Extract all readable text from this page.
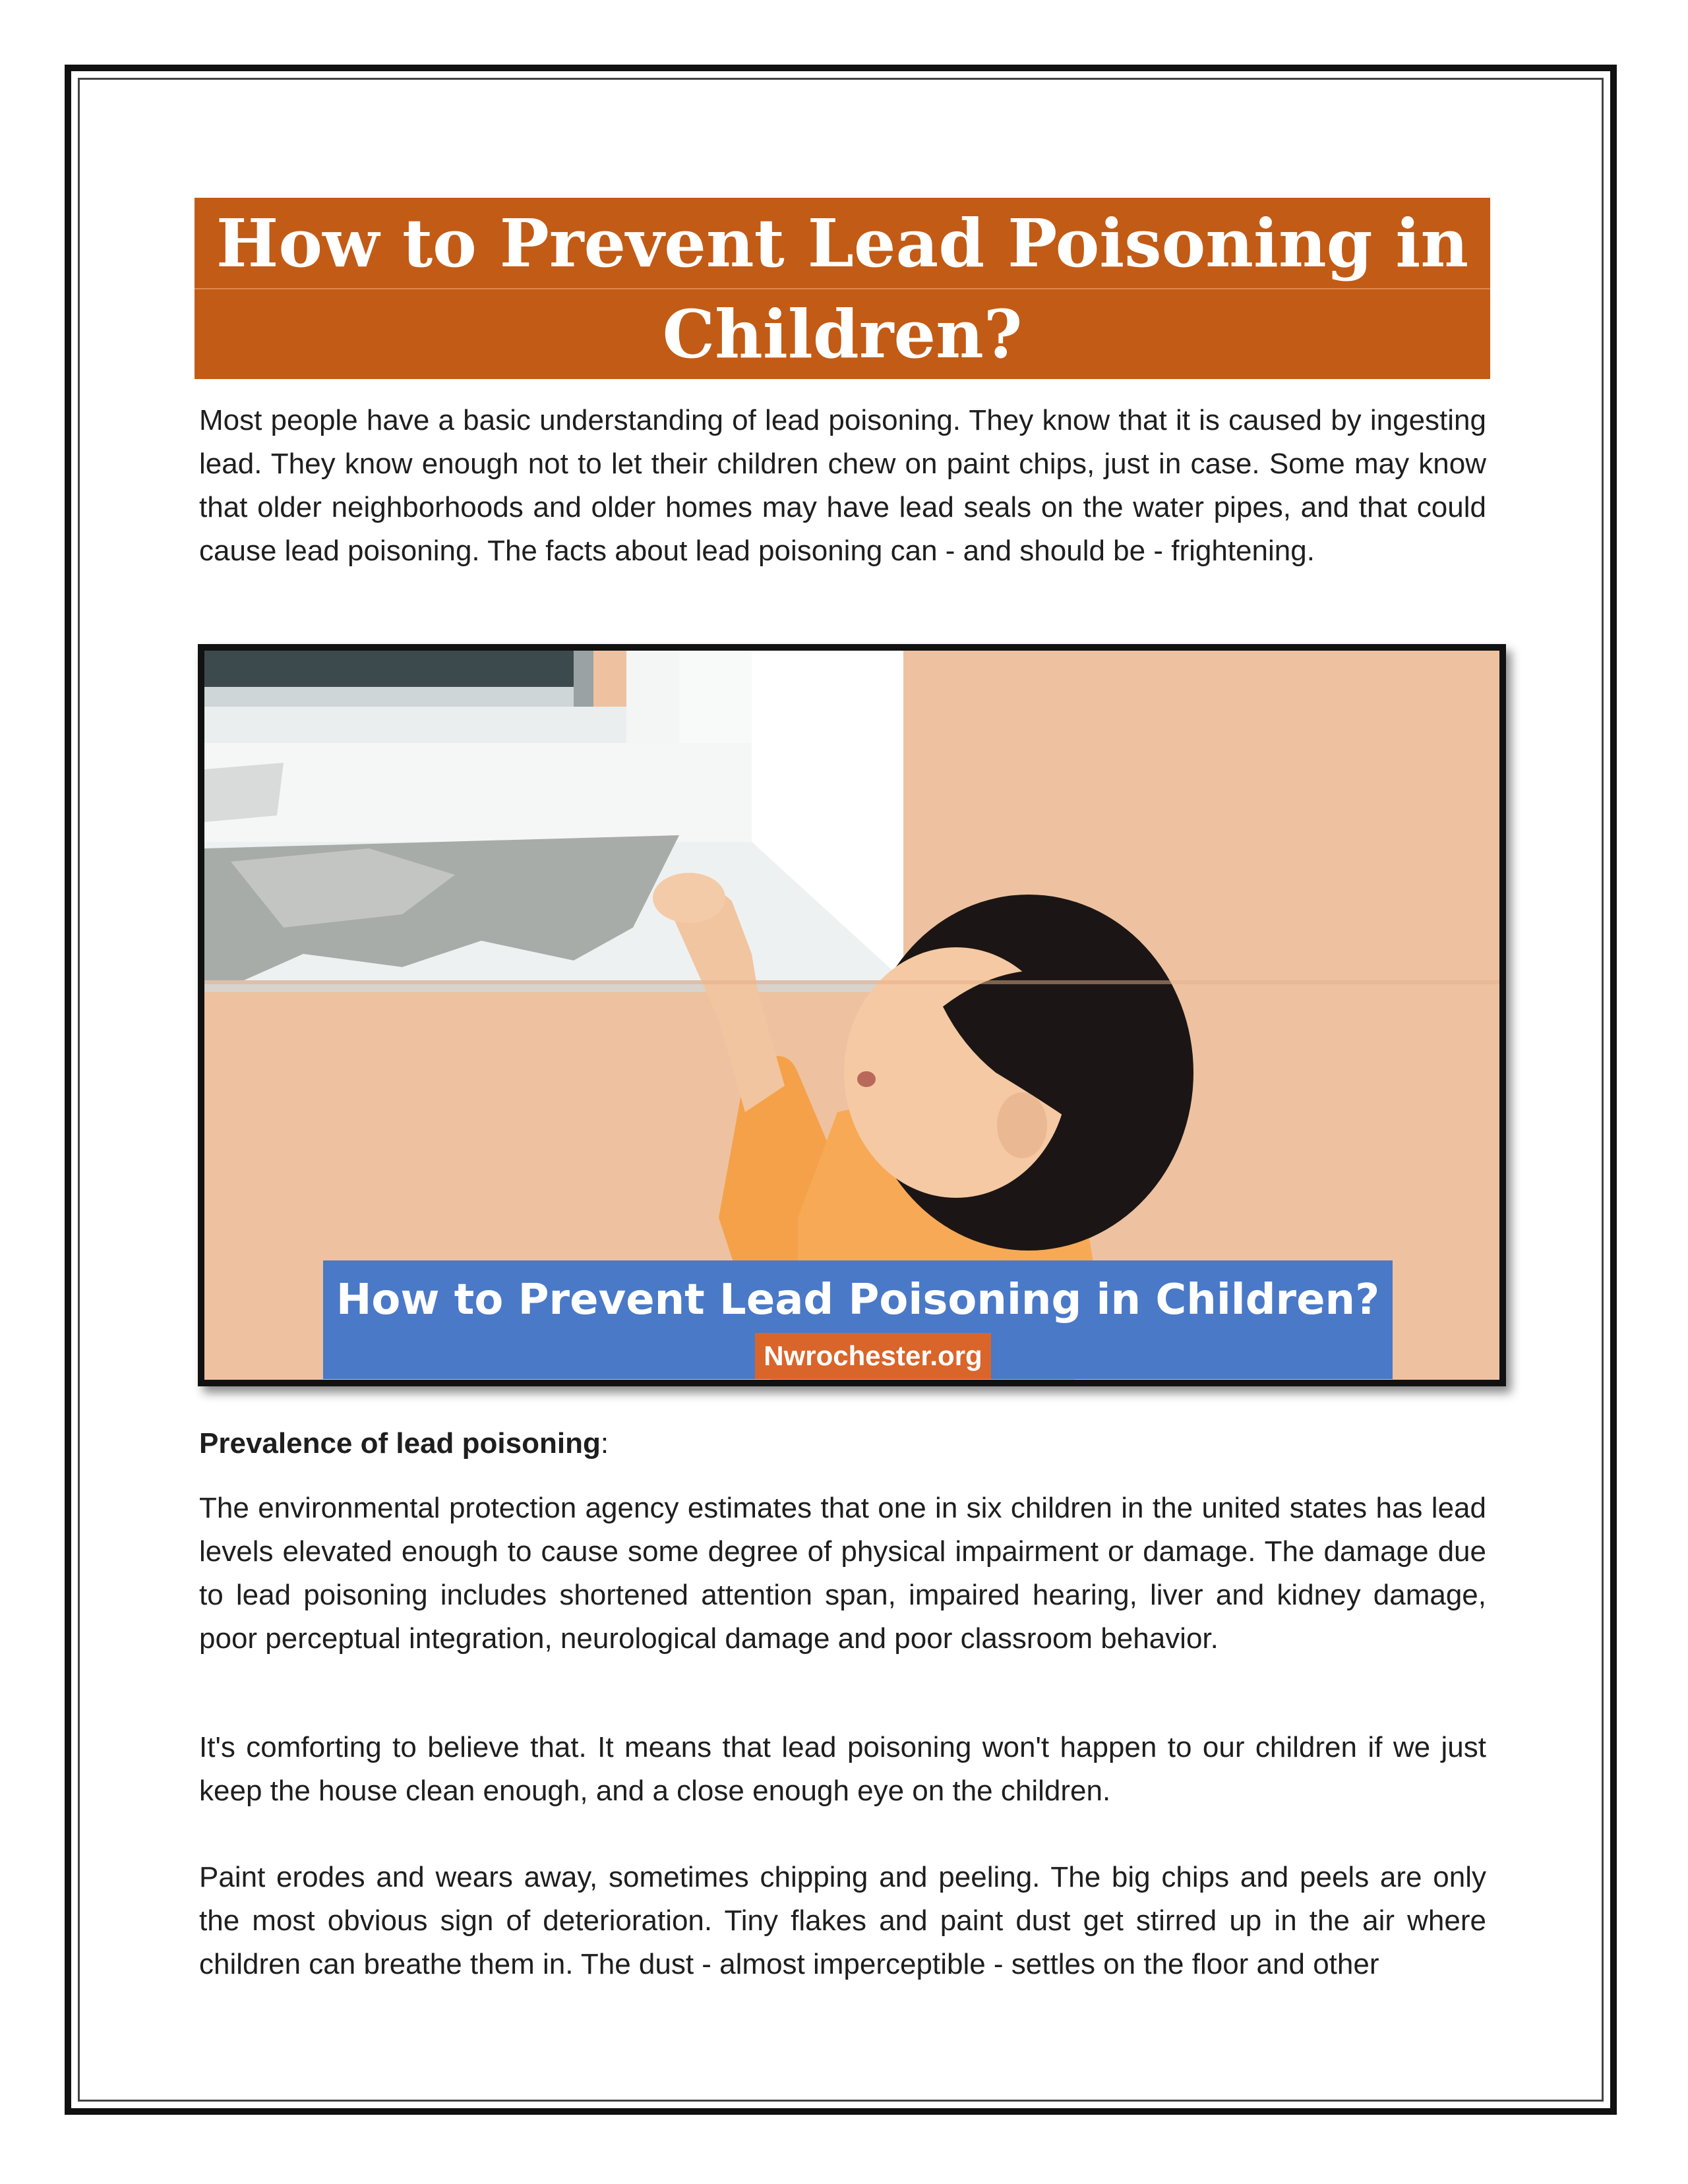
How to Prevent Lead Poisoning in
Children?

Most people have a basic understanding of lead poisoning. They know that it is caused by ingesting lead. They know enough not to let their children chew on paint chips, just in case. Some may know that older neighborhoods and older homes may have lead seals on the water pipes, and that could cause lead poisoning. The facts about lead poisoning can - and should be - frightening.

How to Prevent Lead Poisoning in Children?
Nwrochester.org

Prevalence of lead poisoning:

The environmental protection agency estimates that one in six children in the united states has lead levels elevated enough to cause some degree of physical impairment or damage. The damage due to lead poisoning includes shortened attention span, impaired hearing, liver and kidney damage, poor perceptual integration, neurological damage and poor classroom behavior.

It's comforting to believe that. It means that lead poisoning won't happen to our children if we just keep the house clean enough, and a close enough eye on the children.

Paint erodes and wears away, sometimes chipping and peeling. The big chips and peels are only the most obvious sign of deterioration. Tiny flakes and paint dust get stirred up in the air where children can breathe them in. The dust - almost imperceptible - settles on the floor and other
